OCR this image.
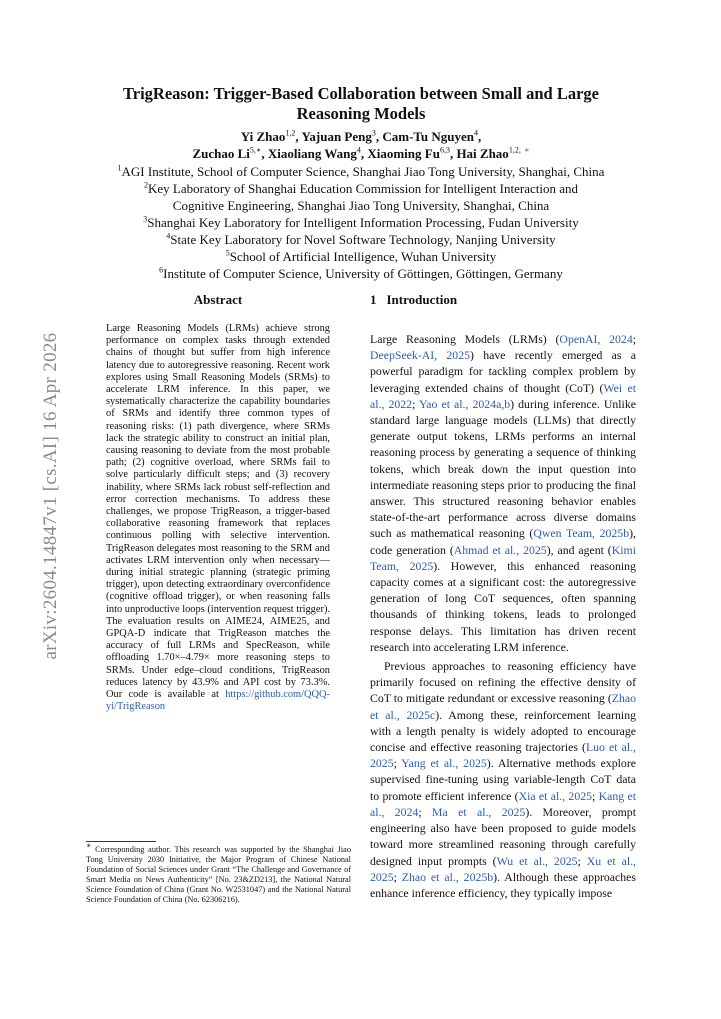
TrigReason: Trigger-Based Collaboration between Small and Large
Reasoning Models
Yi Zhao$^{1,2}$, Yajuan Peng$^3$, Cam-Tu Nguyen$^4$,
Zuchao $Li^{5,∗}$, Xiaoliang Wang$^4$, Xiaoming Fu$^{6,3}$, Hai Zhao$^{1,2,}$ ∗
$^1$AGI Institute, School of Computer Science, Shanghai Jiao Tong University, Shanghai, China
$^2$Key Laboratory of Shanghai Education Commission for Intelligent Interaction and
Cognitive Engineering, Shanghai Jiao Tong University, Shanghai, China
$^3$Shanghai Key Laboratory for Intelligent Information Processing, Fudan University
$^4$State Key Laboratory for Novel Software Technology, Nanjing University
$^5$School of Artificial Intelligence, Wuhan University
$^6$Institute of Computer Science, University of Göttingen, Göttingen, Germany
arXiv:2604.14847v1 [cs.AI] 16 Apr 2026
Abstract
Large Reasoning Models (LRMs) achieve strong performance on complex tasks through extended chains of thought but suffer from high inference latency due to autoregressive reasoning. Recent work explores using Small Reasoning Models (SRMs) to accelerate LRM inference. In this paper, we systematically characterize the capability boundaries of SRMs and identify three common types of reasoning risks: (1) path divergence, where SRMs lack the strategic ability to construct an initial plan, causing reasoning to deviate from the most probable path; (2) cognitive overload, where SRMs fail to solve particularly difficult steps; and (3) recovery inability, where SRMs lack robust self-reflection and error correction mechanisms. To address these challenges, we propose TrigReason, a trigger-based collaborative reasoning framework that replaces continuous polling with selective intervention. TrigReason delegates most reasoning to the SRM and activates LRM intervention only when necessary—during initial strategic planning (strategic priming trigger), upon detecting extraordinary overconfidence (cognitive offload trigger), or when reasoning falls into unproductive loops (intervention request trigger). The evaluation results on AIME24, AIME25, and GPQA-D indicate that TrigReason matches the accuracy of full LRMs and SpecReason, while offloading 1.70×–4.79× more reasoning steps to SRMs. Under edge–cloud conditions, TrigReason reduces latency by 43.9% and API cost by 73.3%. Our code is available at https://github.com/QQQ-yi/TrigReason
∗ Corresponding author. This research was supported by the Shanghai Jiao Tong University 2030 Initiative, the Major Program of Chinese National Foundation of Social Sciences under Grant “The Challenge and Governance of Smart Media on News Authenticity” [No. 23&ZD213], the National Natural Science Foundation of China (Grant No. W2531047) and the National Natural Science Foundation of China (No. 62306216).
1 Introduction

Large Reasoning Models (LRMs) (OpenAI, 2024; DeepSeek-AI, 2025) have recently emerged as a powerful paradigm for tackling complex problem by leveraging extended chains of thought (CoT) (Wei et al., 2022; Yao et al., 2024a,b) during inference. Unlike standard large language models (LLMs) that directly generate output tokens, LRMs performs an internal reasoning process by generating a sequence of thinking tokens, which break down the input question into intermediate reasoning steps prior to producing the final answer. This structured reasoning behavior enables state-of-the-art performance across diverse domains such as mathematical reasoning (Qwen Team, 2025b), code generation (Ahmad et al., 2025), and agent (Kimi Team, 2025). However, this enhanced reasoning capacity comes at a significant cost: the autoregressive generation of long CoT sequences, often spanning thousands of thinking tokens, leads to prolonged response delays. This limitation has driven recent research into accelerating LRM inference.

Previous approaches to reasoning efficiency have primarily focused on refining the effective density of CoT to mitigate redundant or excessive reasoning (Zhao et al., 2025c). Among these, reinforcement learning with a length penalty is widely adopted to encourage concise and effective reasoning trajectories (Luo et al., 2025; Yang et al., 2025). Alternative methods explore supervised fine-tuning using variable-length CoT data to promote efficient inference (Xia et al., 2025; Kang et al., 2024; Ma et al., 2025). Moreover, prompt engineering also have been proposed to guide models toward more streamlined reasoning through carefully designed input prompts (Wu et al., 2025; Xu et al., 2025; Zhao et al., 2025b). Although these approaches enhance inference efficiency, they typically impose
